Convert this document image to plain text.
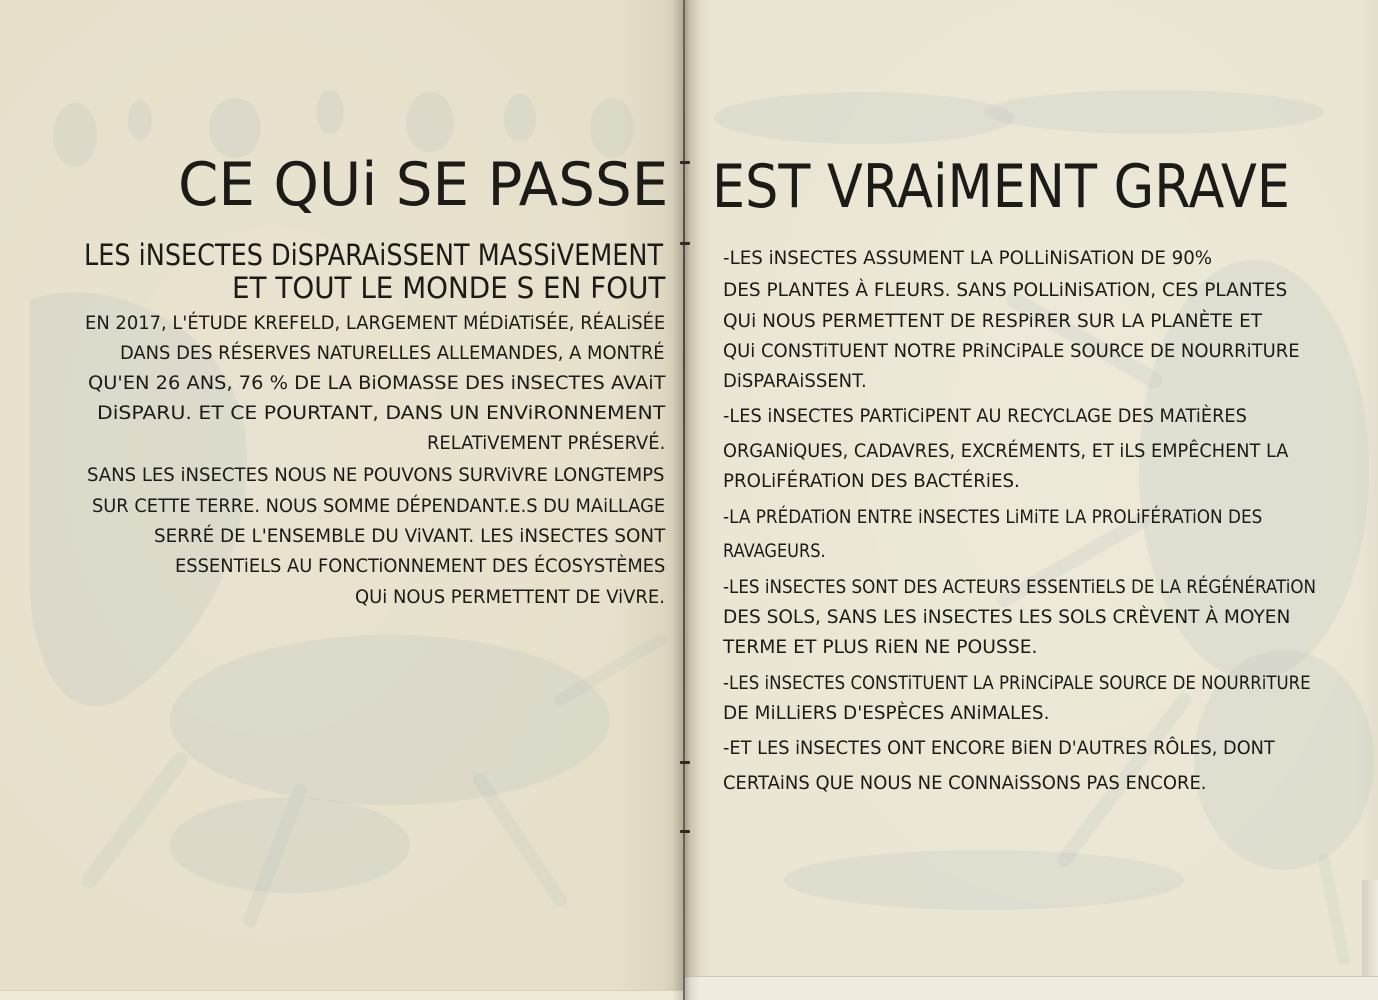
CE QUi SE PASSE
LES iNSECTES DiSPARAiSSENT MASSiVEMENT
ET TOUT LE MONDE S EN FOUT
EN 2017, L'ÉTUDE KREFELD, LARGEMENT MÉDiATiSÉE, RÉALiSÉE
DANS DES RÉSERVES NATURELLES ALLEMANDES, A MONTRÉ
QU'EN 26 ANS, 76 % DE LA BiOMASSE DES iNSECTES AVAiT
DiSPARU. ET CE POURTANT, DANS UN ENViRONNEMENT
RELATiVEMENT PRÉSERVÉ.
SANS LES iNSECTES NOUS NE POUVONS SURViVRE LONGTEMPS
SUR CETTE TERRE. NOUS SOMME DÉPENDANT.E.S DU MAiLLAGE
SERRÉ DE L'ENSEMBLE DU ViVANT. LES iNSECTES SONT
ESSENTiELS AU FONCTiONNEMENT DES ÉCOSYSTÈMES
QUi NOUS PERMETTENT DE ViVRE.
EST VRAiMENT GRAVE
-LES iNSECTES ASSUMENT LA POLLiNiSATiON DE 90%
DES PLANTES À FLEURS. SANS POLLiNiSATiON, CES PLANTES
QUi NOUS PERMETTENT DE RESPiRER SUR LA PLANÈTE ET
QUi CONSTiTUENT NOTRE PRiNCiPALE SOURCE DE NOURRiTURE
DiSPARAiSSENT.
-LES iNSECTES PARTiCiPENT AU RECYCLAGE DES MATiÈRES
ORGANiQUES, CADAVRES, EXCRÉMENTS, ET iLS EMPÊCHENT LA
PROLiFÉRATiON DES BACTÉRiES.
-LA PRÉDATiON ENTRE iNSECTES LiMiTE LA PROLiFÉRATiON DES
RAVAGEURS.
-LES iNSECTES SONT DES ACTEURS ESSENTiELS DE LA RÉGÉNÉRATiON
DES SOLS, SANS LES iNSECTES LES SOLS CRÈVENT À MOYEN
TERME ET PLUS RiEN NE POUSSE.
-LES iNSECTES CONSTiTUENT LA PRiNCiPALE SOURCE DE NOURRiTURE
DE MiLLiERS D'ESPÈCES ANiMALES.
-ET LES iNSECTES ONT ENCORE BiEN D'AUTRES RÔLES, DONT
CERTAiNS QUE NOUS NE CONNAiSSONS PAS ENCORE.
